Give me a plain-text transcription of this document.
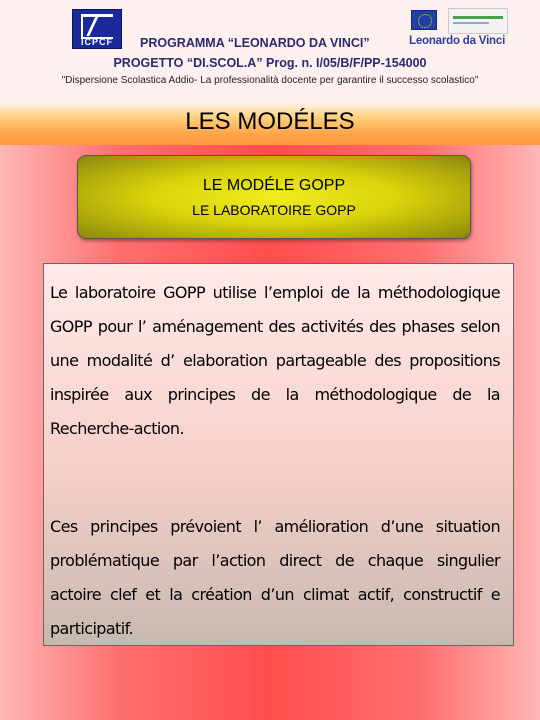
ICPCF	PROGRAMMA “LEONARDO DA VINCI”
PROGETTO “DI.SCOL.A” Prog. n. I/05/B/F/PP-154000
"Dispersione Scolastica Addio- La professionalità docente per garantire il successo scolastico"
Leonardo da Vinci
LES MODÉLES
LE MODÉLE GOPP
LE LABORATOIRE GOPP

Le laboratoire GOPP utilise l’emploi de la méthodologique GOPP pour l’ aménagement des activités des phases selon une modalité d’ elaboration partageable des propositions inspirée aux principes de la méthodologique de la Recherche-action.

Ces principes prévoient l’ amélioration d’une situation problématique par l’action direct de chaque singulier actoire clef et la création d’un climat actif, constructif e participatif.
